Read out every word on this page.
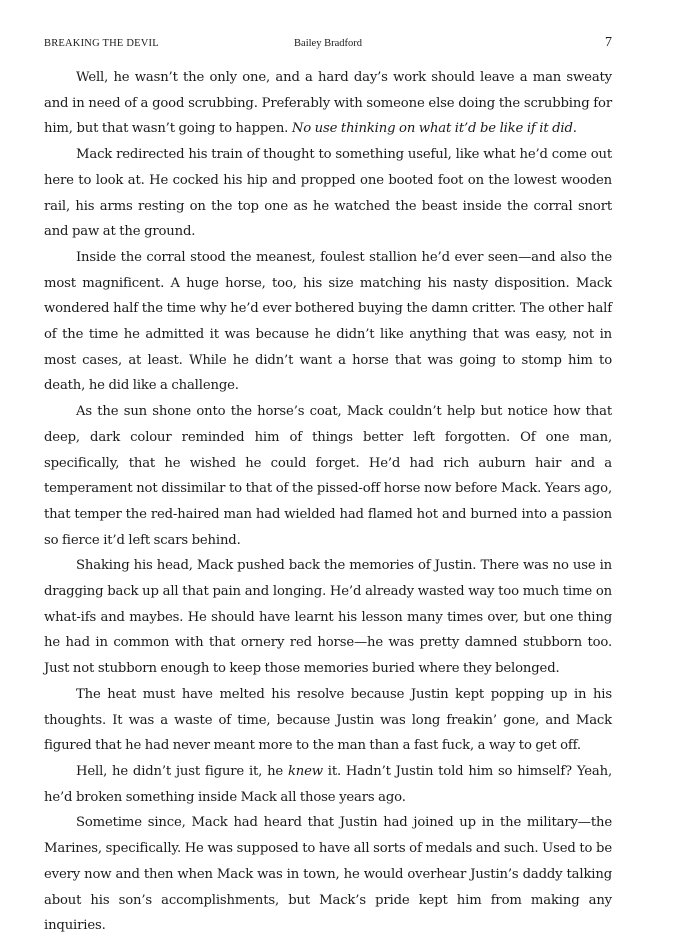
BREAKING THE DEVIL	Bailey Bradford	7

Well, he wasn’t the only one, and a hard day’s work should leave a man sweaty and in need of a good scrubbing. Preferably with someone else doing the scrubbing for him, but that wasn’t going to happen. No use thinking on what it’d be like if it did.

Mack redirected his train of thought to something useful, like what he’d come out here to look at. He cocked his hip and propped one booted foot on the lowest wooden rail, his arms resting on the top one as he watched the beast inside the corral snort and paw at the ground.

Inside the corral stood the meanest, foulest stallion he’d ever seen—and also the most magnificent. A huge horse, too, his size matching his nasty disposition. Mack wondered half the time why he’d ever bothered buying the damn critter. The other half of the time he admitted it was because he didn’t like anything that was easy, not in most cases, at least. While he didn’t want a horse that was going to stomp him to death, he did like a challenge.

As the sun shone onto the horse’s coat, Mack couldn’t help but notice how that deep, dark colour reminded him of things better left forgotten. Of one man, specifically, that he wished he could forget. He’d had rich auburn hair and a temperament not dissimilar to that of the pissed-off horse now before Mack. Years ago, that temper the red-haired man had wielded had flamed hot and burned into a passion so fierce it’d left scars behind.

Shaking his head, Mack pushed back the memories of Justin. There was no use in dragging back up all that pain and longing. He’d already wasted way too much time on what-ifs and maybes. He should have learnt his lesson many times over, but one thing he had in common with that ornery red horse—he was pretty damned stubborn too. Just not stubborn enough to keep those memories buried where they belonged.

The heat must have melted his resolve because Justin kept popping up in his thoughts. It was a waste of time, because Justin was long freakin’ gone, and Mack figured that he had never meant more to the man than a fast fuck, a way to get off.

Hell, he didn’t just figure it, he knew it. Hadn’t Justin told him so himself? Yeah, he’d broken something inside Mack all those years ago.

Sometime since, Mack had heard that Justin had joined up in the military—the Marines, specifically. He was supposed to have all sorts of medals and such. Used to be every now and then when Mack was in town, he would overhear Justin’s daddy talking about his son’s accomplishments, but Mack’s pride kept him from making any inquiries.
